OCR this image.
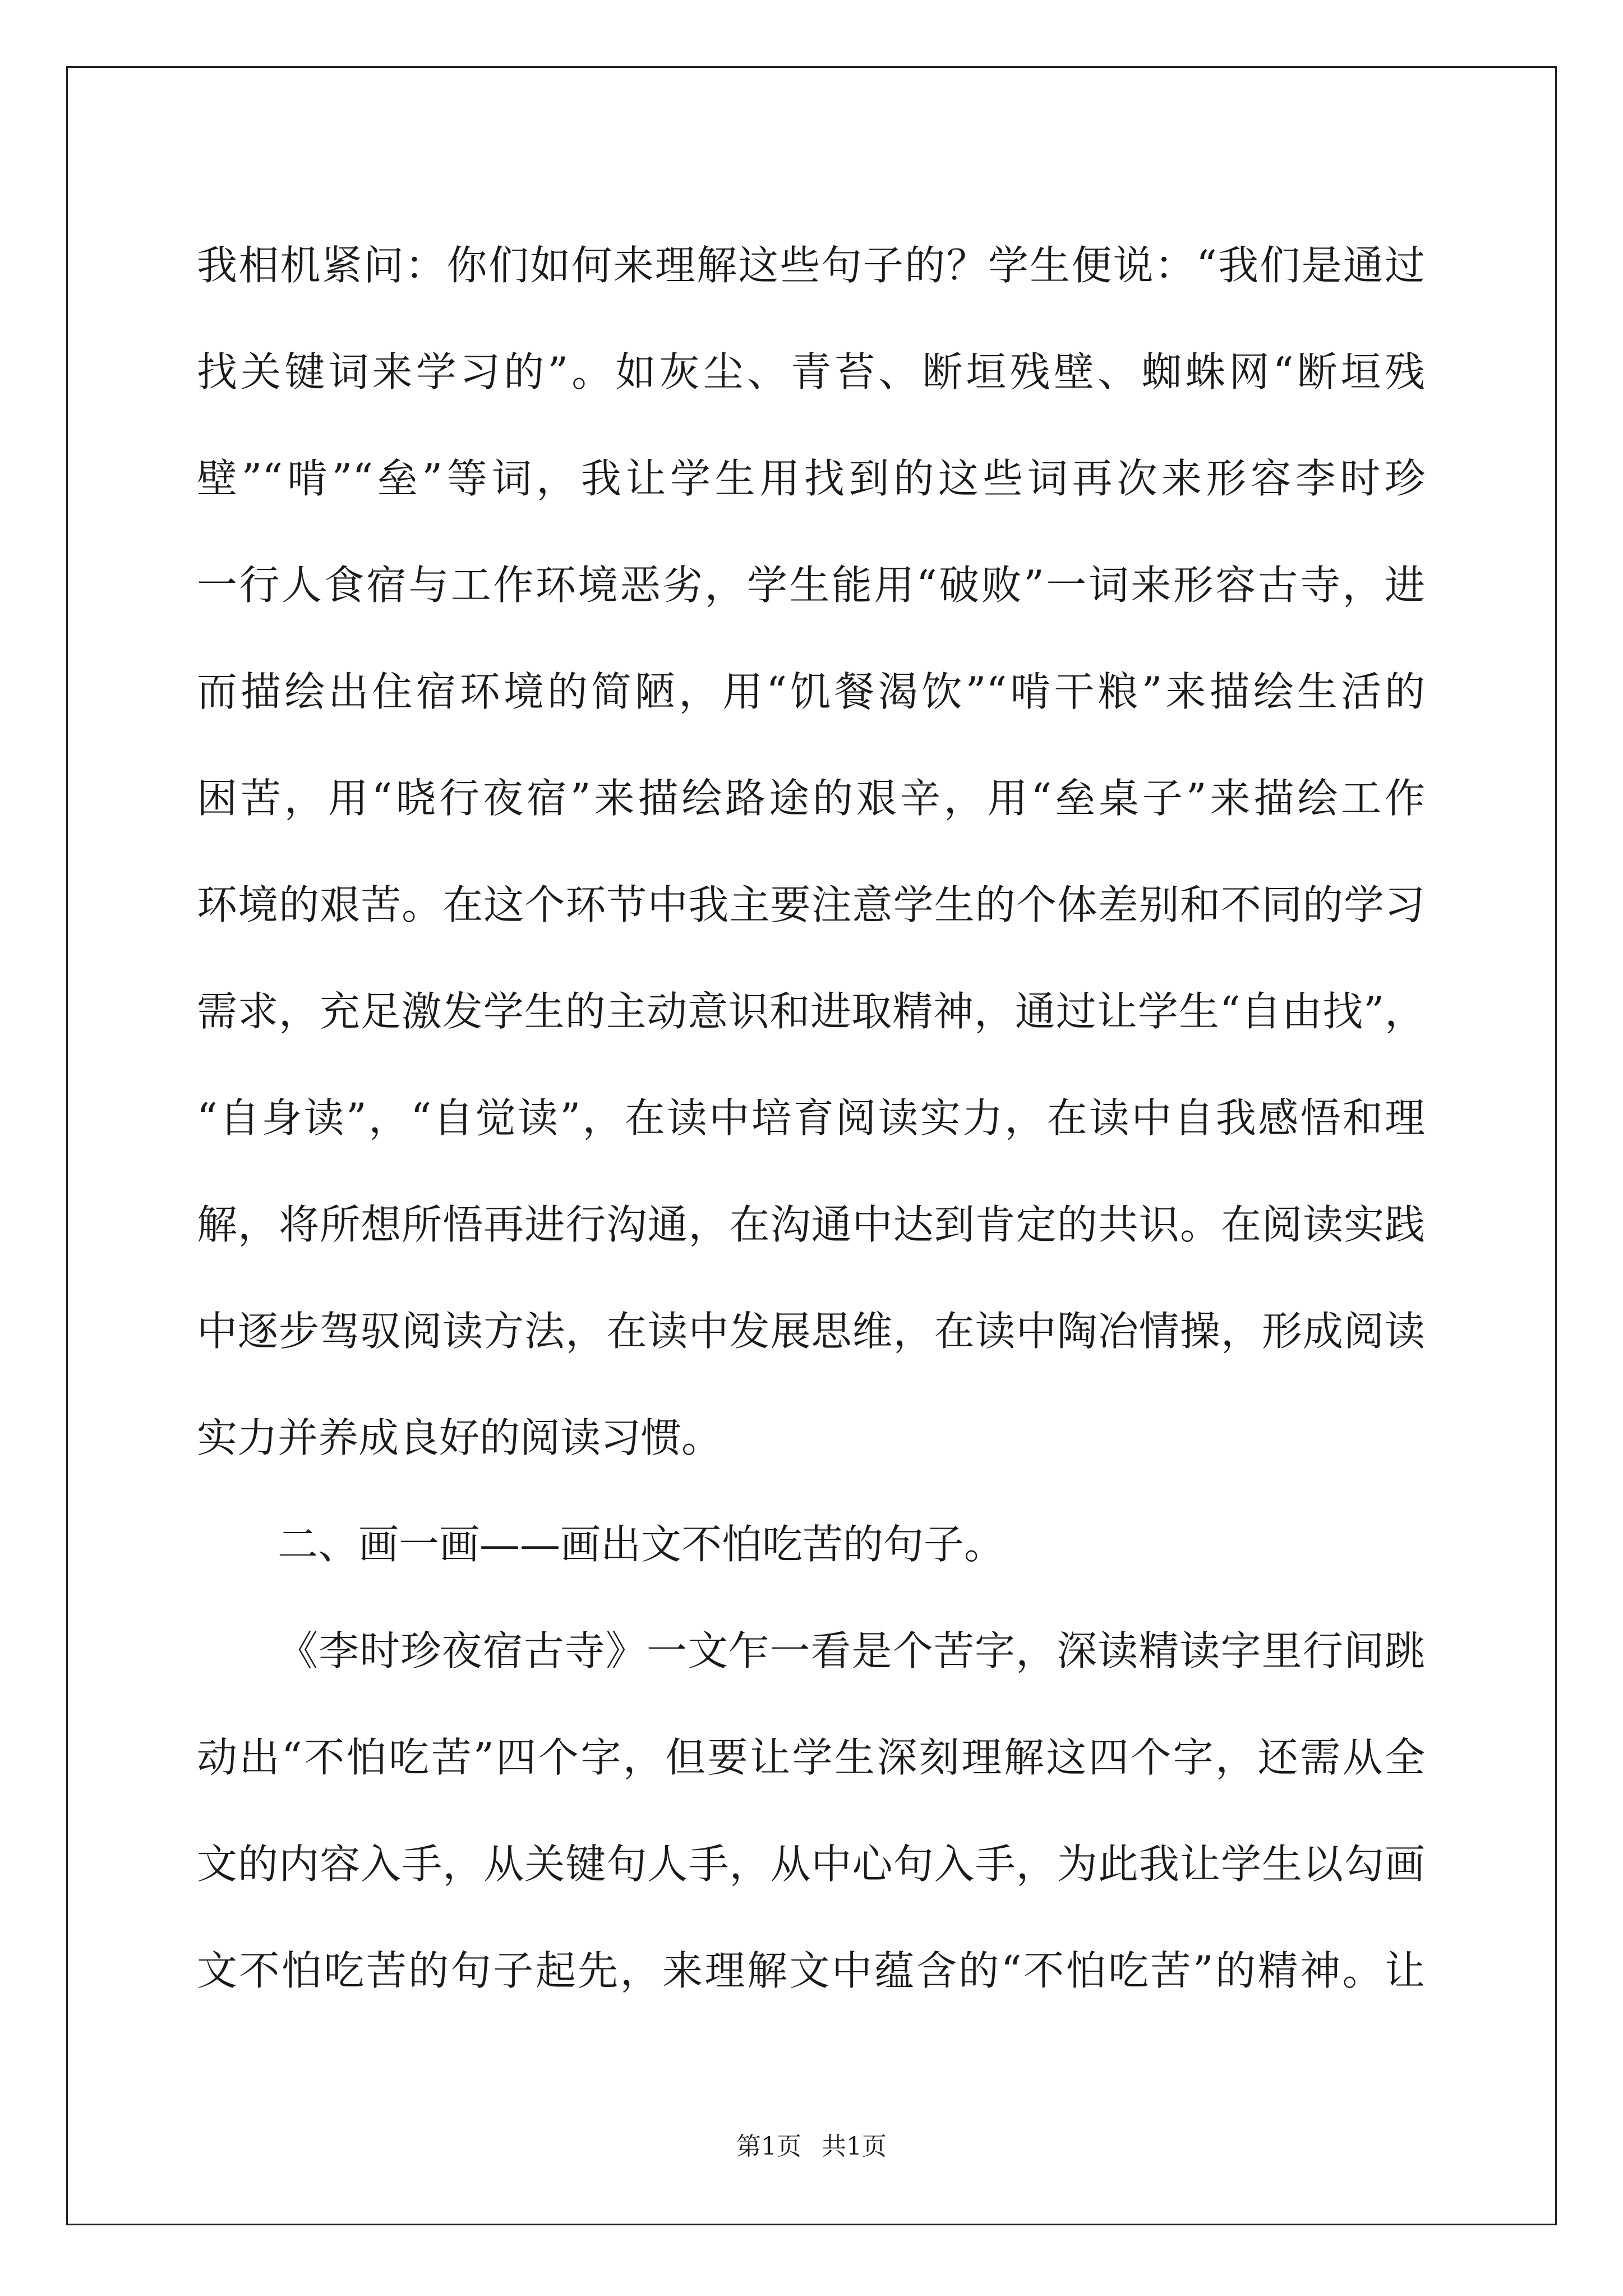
我相机紧问：你们如何来理解这些句子的？学生便说：“我们是通过
找关键词来学习的”。如灰尘、青苔、断垣残壁、蜘蛛网“断垣残
壁”“啃”“垒”等词，我让学生用找到的这些词再次来形容李时珍
一行人食宿与工作环境恶劣，学生能用“破败”一词来形容古寺，进
而描绘出住宿环境的简陋，用“饥餐渴饮”“啃干粮”来描绘生活的
困苦，用“晓行夜宿”来描绘路途的艰辛，用“垒桌子”来描绘工作
环境的艰苦。在这个环节中我主要注意学生的个体差别和不同的学习
需求，充足激发学生的主动意识和进取精神，通过让学生“自由找”，
“自身读”，“自觉读”，在读中培育阅读实力，在读中自我感悟和理
解，将所想所悟再进行沟通，在沟通中达到肯定的共识。在阅读实践
中逐步驾驭阅读方法，在读中发展思维，在读中陶冶情操，形成阅读
实力并养成良好的阅读习惯。
二、画一画——画出文不怕吃苦的句子。
《李时珍夜宿古寺》一文乍一看是个苦字，深读精读字里行间跳
动出“不怕吃苦”四个字，但要让学生深刻理解这四个字，还需从全
文的内容入手，从关键句人手，从中心句入手，为此我让学生以勾画
文不怕吃苦的句子起先，来理解文中蕴含的“不怕吃苦”的精神。让
第1页 共1页
